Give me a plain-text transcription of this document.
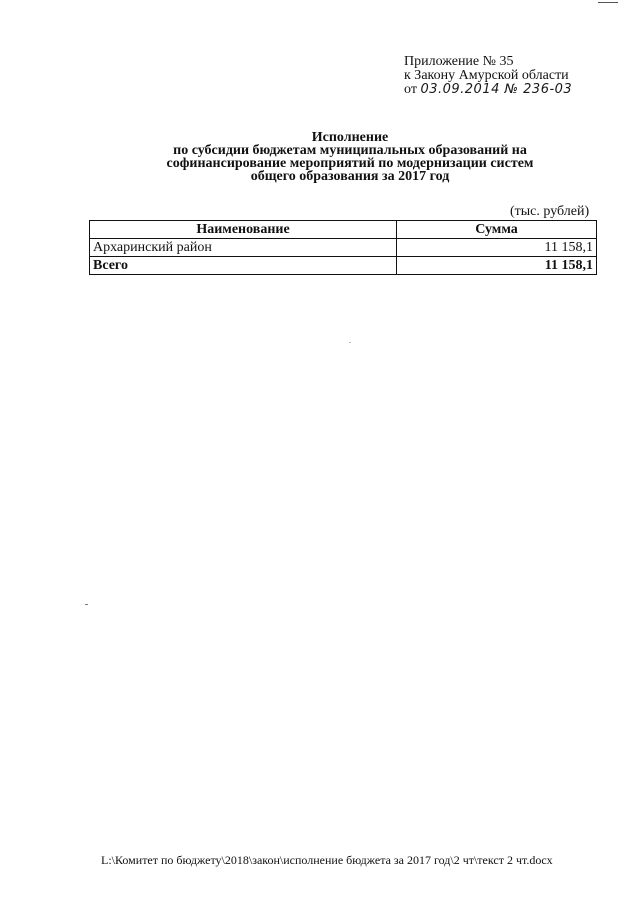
Приложение № 35
к Закону Амурской области
от 03.09.2014 № 236-03
Исполнение
по субсидии бюджетам муниципальных образований на
софинансирование мероприятий по модернизации систем
общего образования за 2017 год
(тыс. рублей)
Наименование	Сумма
Архаринский район	11 158,1
Всего	11 158,1
L:\Комитет по бюджету\2018\закон\исполнение бюджета за 2017 год\2 чт\текст 2 чт.docx
